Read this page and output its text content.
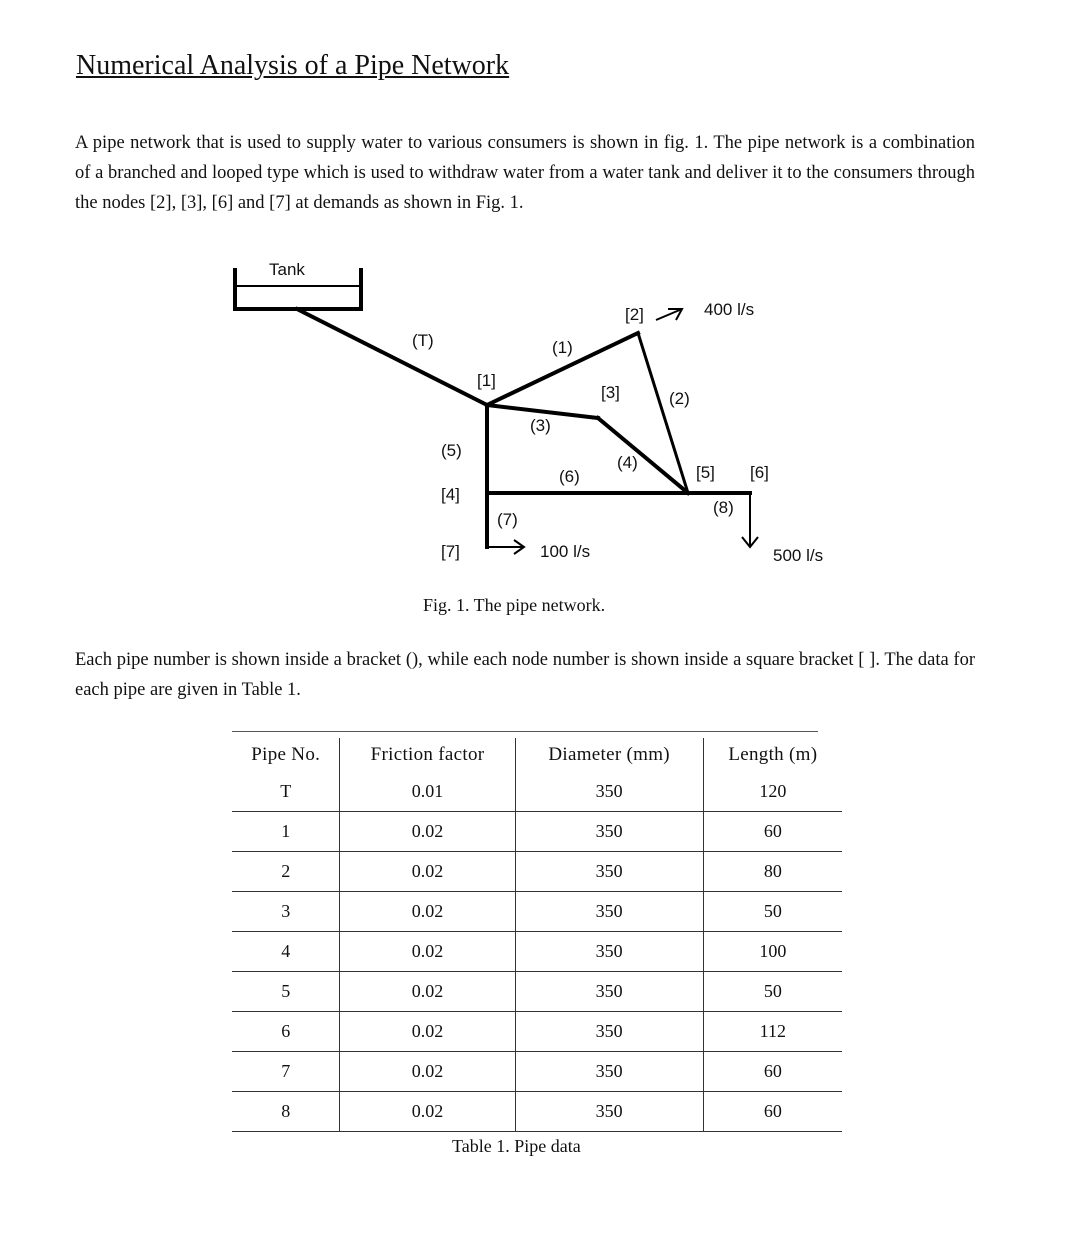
Numerical Analysis of a Pipe Network
A pipe network that is used to supply water to various consumers is shown in fig. 1. The pipe network is a combination of a branched and looped type which is used to withdraw water from a water tank and deliver it to the consumers through the nodes [2], [3], [6] and [7] at demands as shown in Fig. 1.
Tank
(T)	(1)
(2)
(3)
(4)
(5)
(6)
(7)
(8)
[1]
[2]
[3]
[4]
[5] [6]
[7]
400 l/s
100 l/s	500 l/s
Fig. 1. The pipe network.
Each pipe number is shown inside a bracket (), while each node number is shown inside a square bracket [ ]. The data for each pipe are given in Table 1.
Pipe No.	Friction factor	Diameter (mm)	Length (m)
T	0.01	350	120
1	0.02	350	60
2	0.02	350	80
3	0.02	350	50
4	0.02	350	100
5	0.02	350	50
6	0.02	350	112
7	0.02	350	60
8	0.02	350	60
Table 1. Pipe data
